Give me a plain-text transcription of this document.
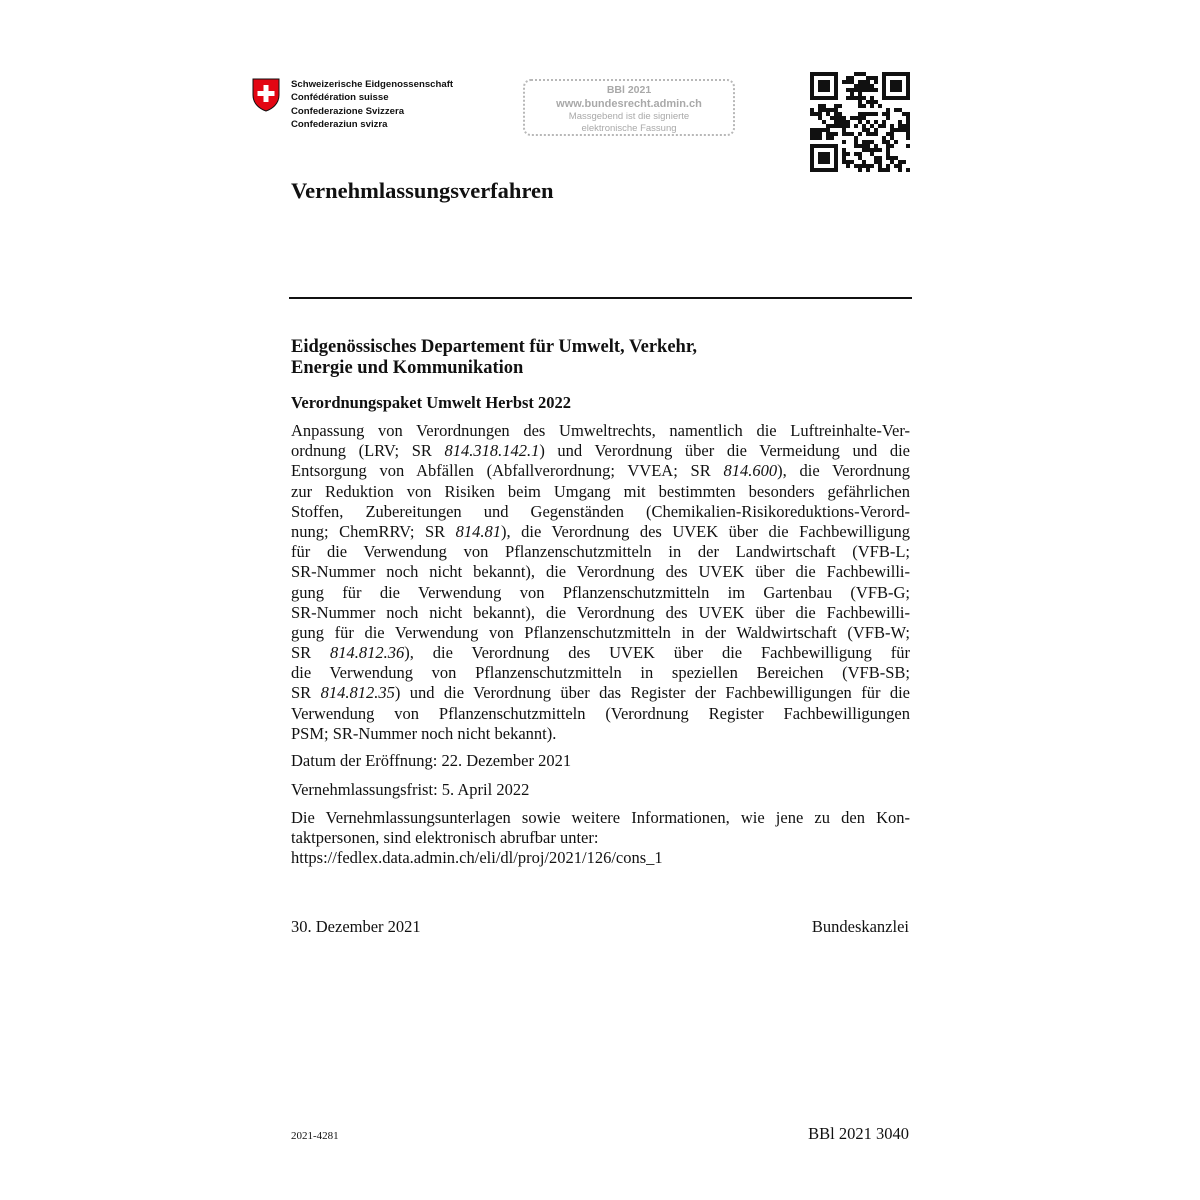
Schweizerische Eidgenossenschaft
Confédération suisse
Confederazione Svizzera
Confederaziun svizra
BBl 2021
www.bundesrecht.admin.ch
Massgebend ist die signierte
elektronische Fassung
Vernehmlassungsverfahren
Eidgenössisches Departement für Umwelt, Verkehr,
Energie und Kommunikation
Verordnungspaket Umwelt Herbst 2022
Anpassung von Verordnungen des Umweltrechts, namentlich die Luftreinhalte-Ver-
ordnung (LRV; SR 814.318.142.1) und Verordnung über die Vermeidung und die
Entsorgung von Abfällen (Abfallverordnung; VVEA; SR 814.600), die Verordnung
zur Reduktion von Risiken beim Umgang mit bestimmten besonders gefährlichen
Stoffen, Zubereitungen und Gegenständen (Chemikalien-Risikoreduktions-Verord-
nung; ChemRRV; SR 814.81), die Verordnung des UVEK über die Fachbewilligung
für die Verwendung von Pflanzenschutzmitteln in der Landwirtschaft (VFB-L;
SR-Nummer noch nicht bekannt), die Verordnung des UVEK über die Fachbewilli-
gung für die Verwendung von Pflanzenschutzmitteln im Gartenbau (VFB-G;
SR-Nummer noch nicht bekannt), die Verordnung des UVEK über die Fachbewilli-
gung für die Verwendung von Pflanzenschutzmitteln in der Waldwirtschaft (VFB-W;
SR 814.812.36), die Verordnung des UVEK über die Fachbewilligung für
die Verwendung von Pflanzenschutzmitteln in speziellen Bereichen (VFB-SB;
SR 814.812.35) und die Verordnung über das Register der Fachbewilligungen für die
Verwendung von Pflanzenschutzmitteln (Verordnung Register Fachbewilligungen
PSM; SR-Nummer noch nicht bekannt).
Datum der Eröffnung: 22. Dezember 2021
Vernehmlassungsfrist: 5. April 2022
Die Vernehmlassungsunterlagen sowie weitere Informationen, wie jene zu den Kon-
taktpersonen, sind elektronisch abrufbar unter:
https://fedlex.data.admin.ch/eli/dl/proj/2021/126/cons_1
30. Dezember 2021	Bundeskanzlei
2021-4281	BBl 2021 3040
